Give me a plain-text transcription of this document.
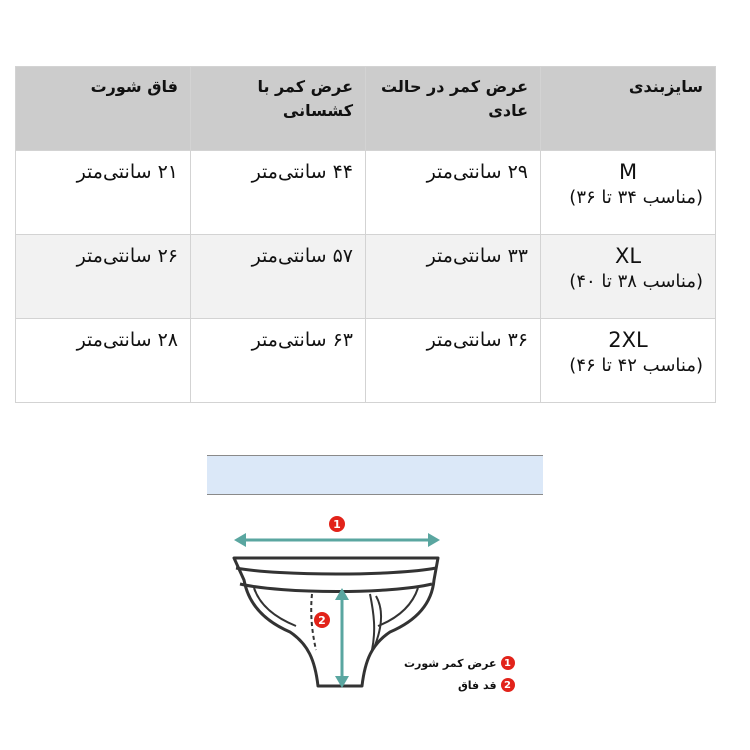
سایزبندی	عرض کمر در حالت عادی	عرض کمر با کشسانی	فاق شورت

M
(مناسب ۳۴ تا ۳۶)	۲۹ سانتی‌متر	۴۴ سانتی‌متر	۲۱ سانتی‌متر

XL
(مناسب ۳۸ تا ۴۰)	۳۳ سانتی‌متر	۵۷ سانتی‌متر	۲۶ سانتی‌متر

2XL
(مناسب ۴۲ تا ۴۶)	۳۶ سانتی‌متر	۶۳ سانتی‌متر	۲۸ سانتی‌متر
1
2
1
عرض کمر شورت
2
قد فاق
